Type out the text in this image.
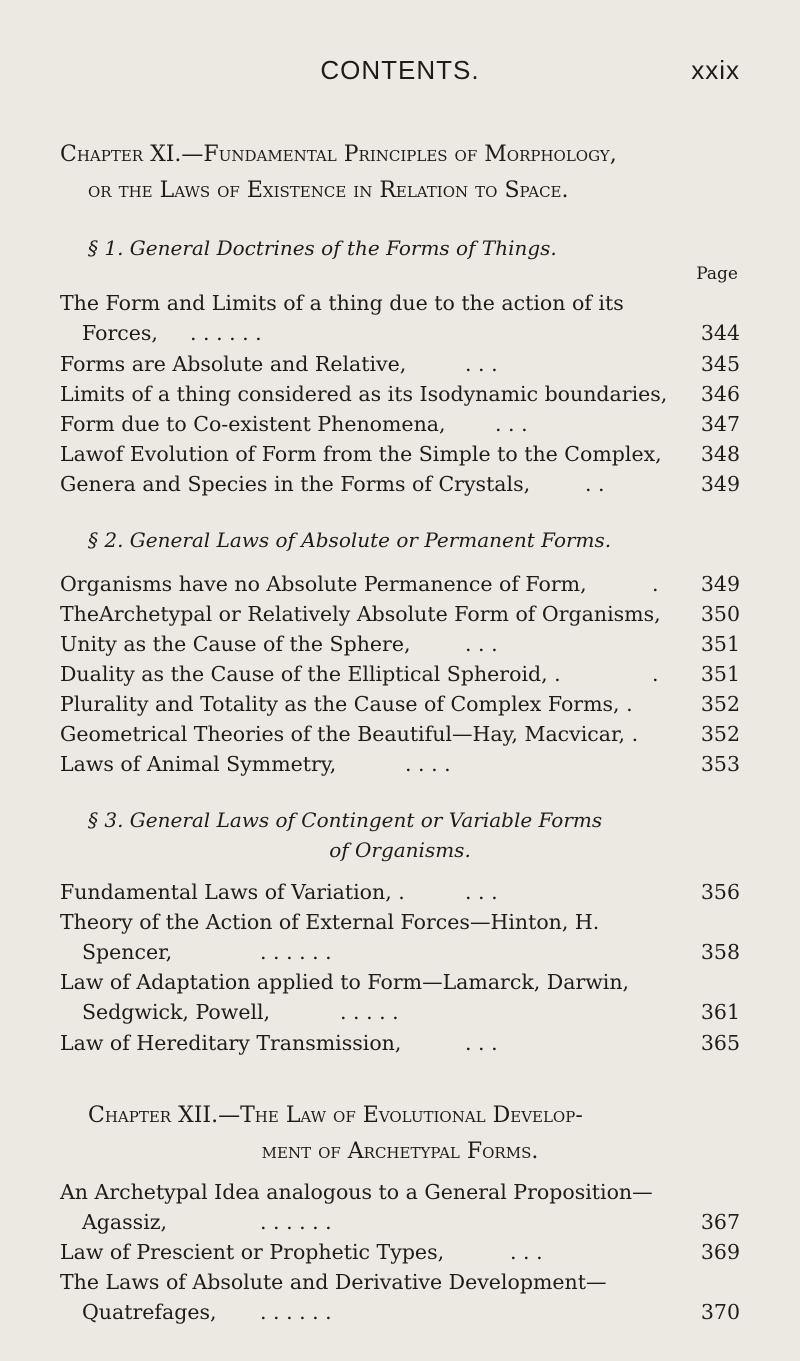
CONTENTS.	xxix
Chapter XI.—Fundamental Principles of Morphology,
or the Laws of Existence in Relation to Space.
§ 1. General Doctrines of the Forms of Things.
Page
The Form and Limits of a thing due to the action of its
Forces, . . . . . .	344
Forms are Absolute and Relative,	. . .	345
Limits of a thing considered as its Isodynamic boundaries, 346
Form due to Co-existent Phenomena, . . .	347
Lawof Evolution of Form from the Simple to the Complex, 348
Genera and Species in the Forms of Crystals,	. .	349
§ 2. General Laws of Absolute or Permanent Forms.
Organisms have no Absolute Permanence of Form,	. 349
TheArchetypal or Relatively Absolute Form of Organisms, 350
Unity as the Cause of the Sphere,	. . .	351
Duality as the Cause of the Elliptical Spheroid, .	. 351
Plurality and Totality as the Cause of Complex Forms, .	352
Geometrical Theories of the Beautiful—Hay, Macvicar, .	352
Laws of Animal Symmetry,	. . . .	353
§ 3. General Laws of Contingent or Variable Forms
of Organisms.
Fundamental Laws of Variation, .	. . .	356
Theory of the Action of External Forces—Hinton, H.
Spencer,	. . . . . .	358
Law of Adaptation applied to Form—Lamarck, Darwin,
Sedgwick, Powell,	. . . . .	361
Law of Hereditary Transmission,	. . .	365
Chapter XII.—The Law of Evolutional Develop-
ment of Archetypal Forms.
An Archetypal Idea analogous to a General Proposition—
Agassiz,	. . . . . .	367
Law of Prescient or Prophetic Types,	. . .	369
The Laws of Absolute and Derivative Development—
Quatrefages, . . . . . .	370
